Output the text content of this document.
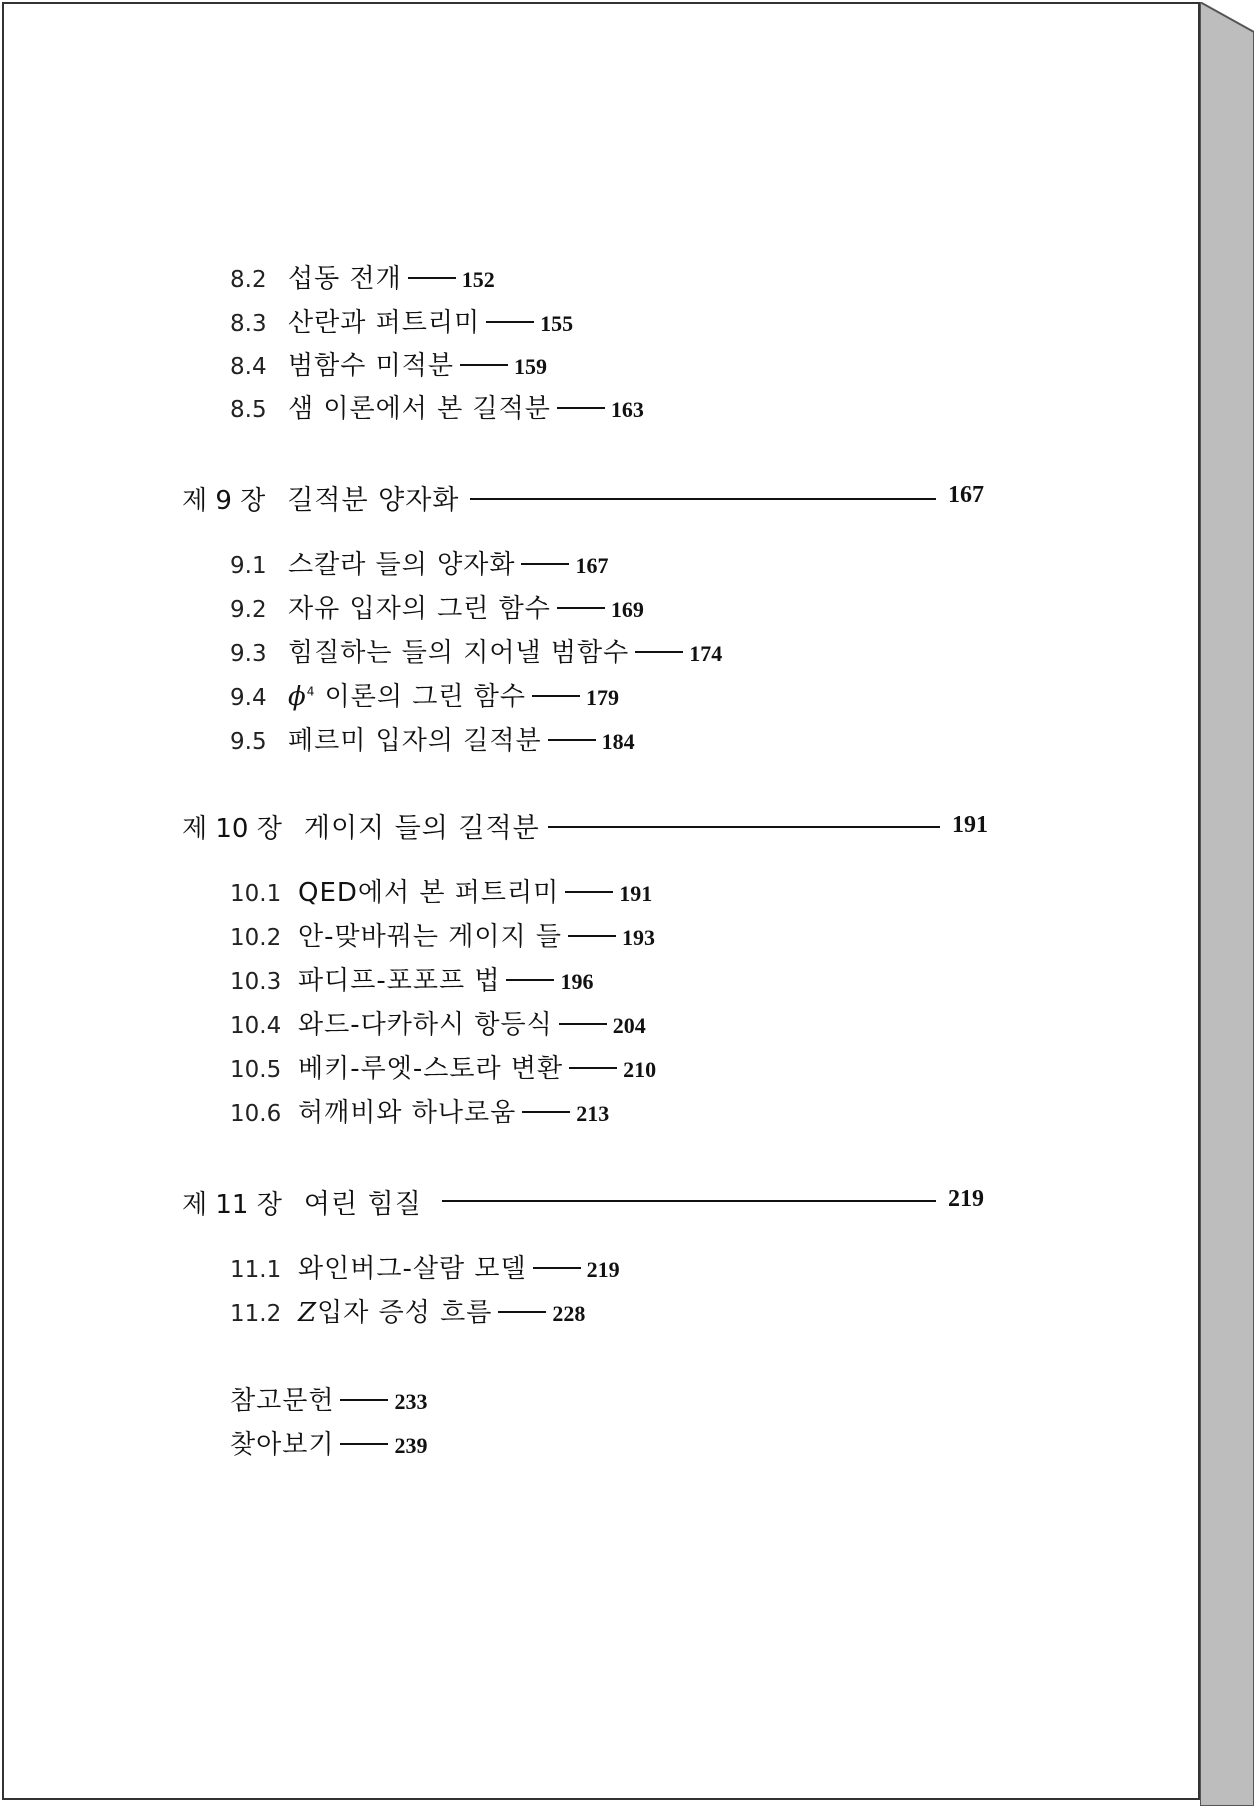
8.2 섭동 전개	152
8.3 산란과 퍼트리미	155
8.4 범함수 미적분	159
8.5 샘 이론에서 본 길적분	163
제 9 장 길적분 양자화	167
9.1 스칼라 들의 양자화	167
9.2 자유 입자의 그린 함수	169
9.3 힘질하는 들의 지어낼 범함수	174
9.4 $\phi^4$ 이론의 그린 함수	179
9.5 페르미 입자의 길적분	184
제 10 장 게이지 들의 길적분	191
10.1 QED에서 본 퍼트리미	191
10.2 안-맞바꿔는 게이지 들	193
10.3 파디프-포포프 법	196
10.4 와드-다카하시 항등식	204
10.5 베키-루엣-스토라 변환	210
10.6 허깨비와 하나로움	213
제 11 장 여린 힘질	219
11.1 와인버그-살람 모델	219
11.2 Z입자 증성 흐름	228
참고문헌	233
찾아보기	239
